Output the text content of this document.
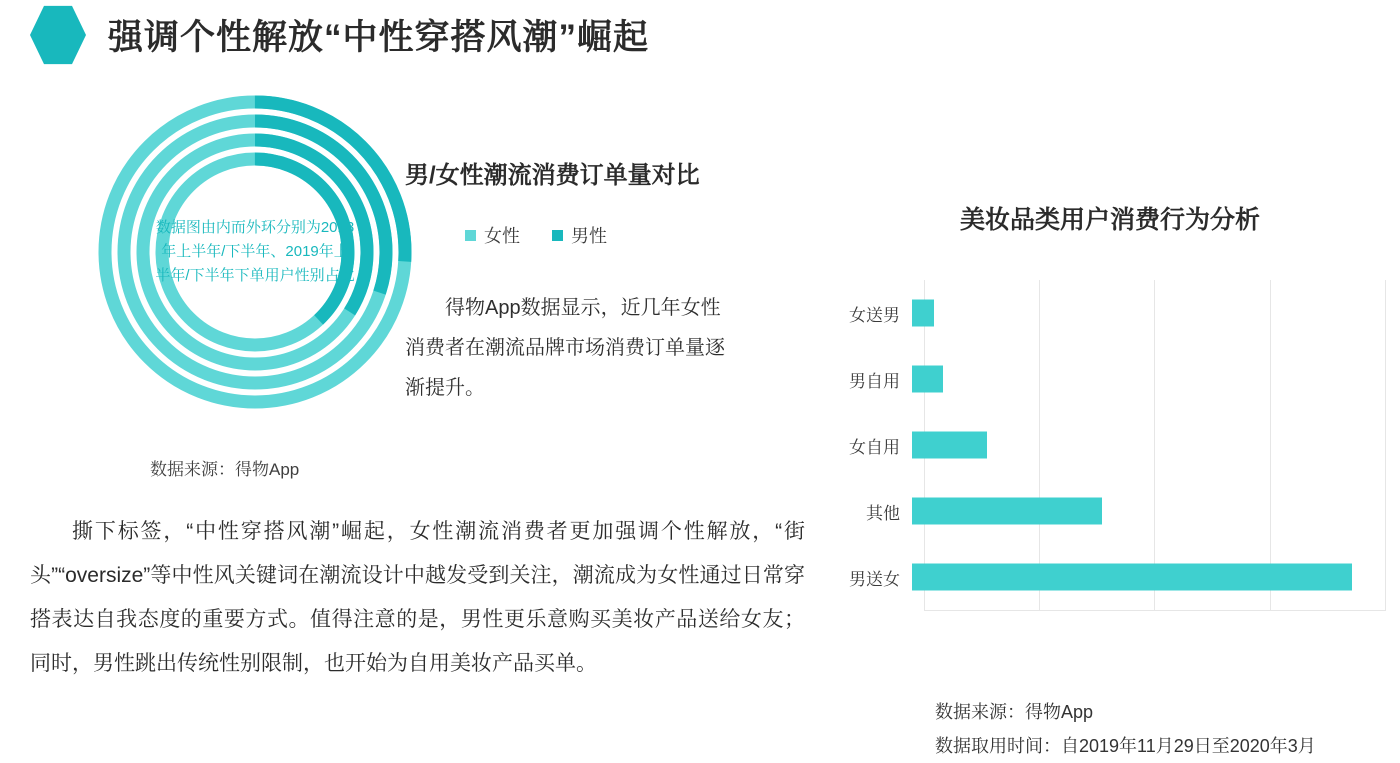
强调个性解放“中性穿搭风潮”崛起
数据图由内而外环分别为2018年上半年/下半年、2019年上半年/下半年下单用户性别占比
数据来源：得物App
男/女性潮流消费订单量对比
女性	男性
得物App数据显示，近几年女性消费者在潮流品牌市场消费订单量逐渐提升。
撕下标签，“中性穿搭风潮”崛起，女性潮流消费者更加强调个性解放，“街头”“oversize”等中性风关键词在潮流设计中越发受到关注，潮流成为女性通过日常穿搭表达自我态度的重要方式。值得注意的是，男性更乐意购买美妆产品送给女友；同时，男性跳出传统性别限制，也开始为自用美妆产品买单。
美妆品类用户消费行为分析
女送男
男自用
女自用
其他
男送女
数据来源：得物App
数据取用时间：自2019年11月29日至2020年3月
